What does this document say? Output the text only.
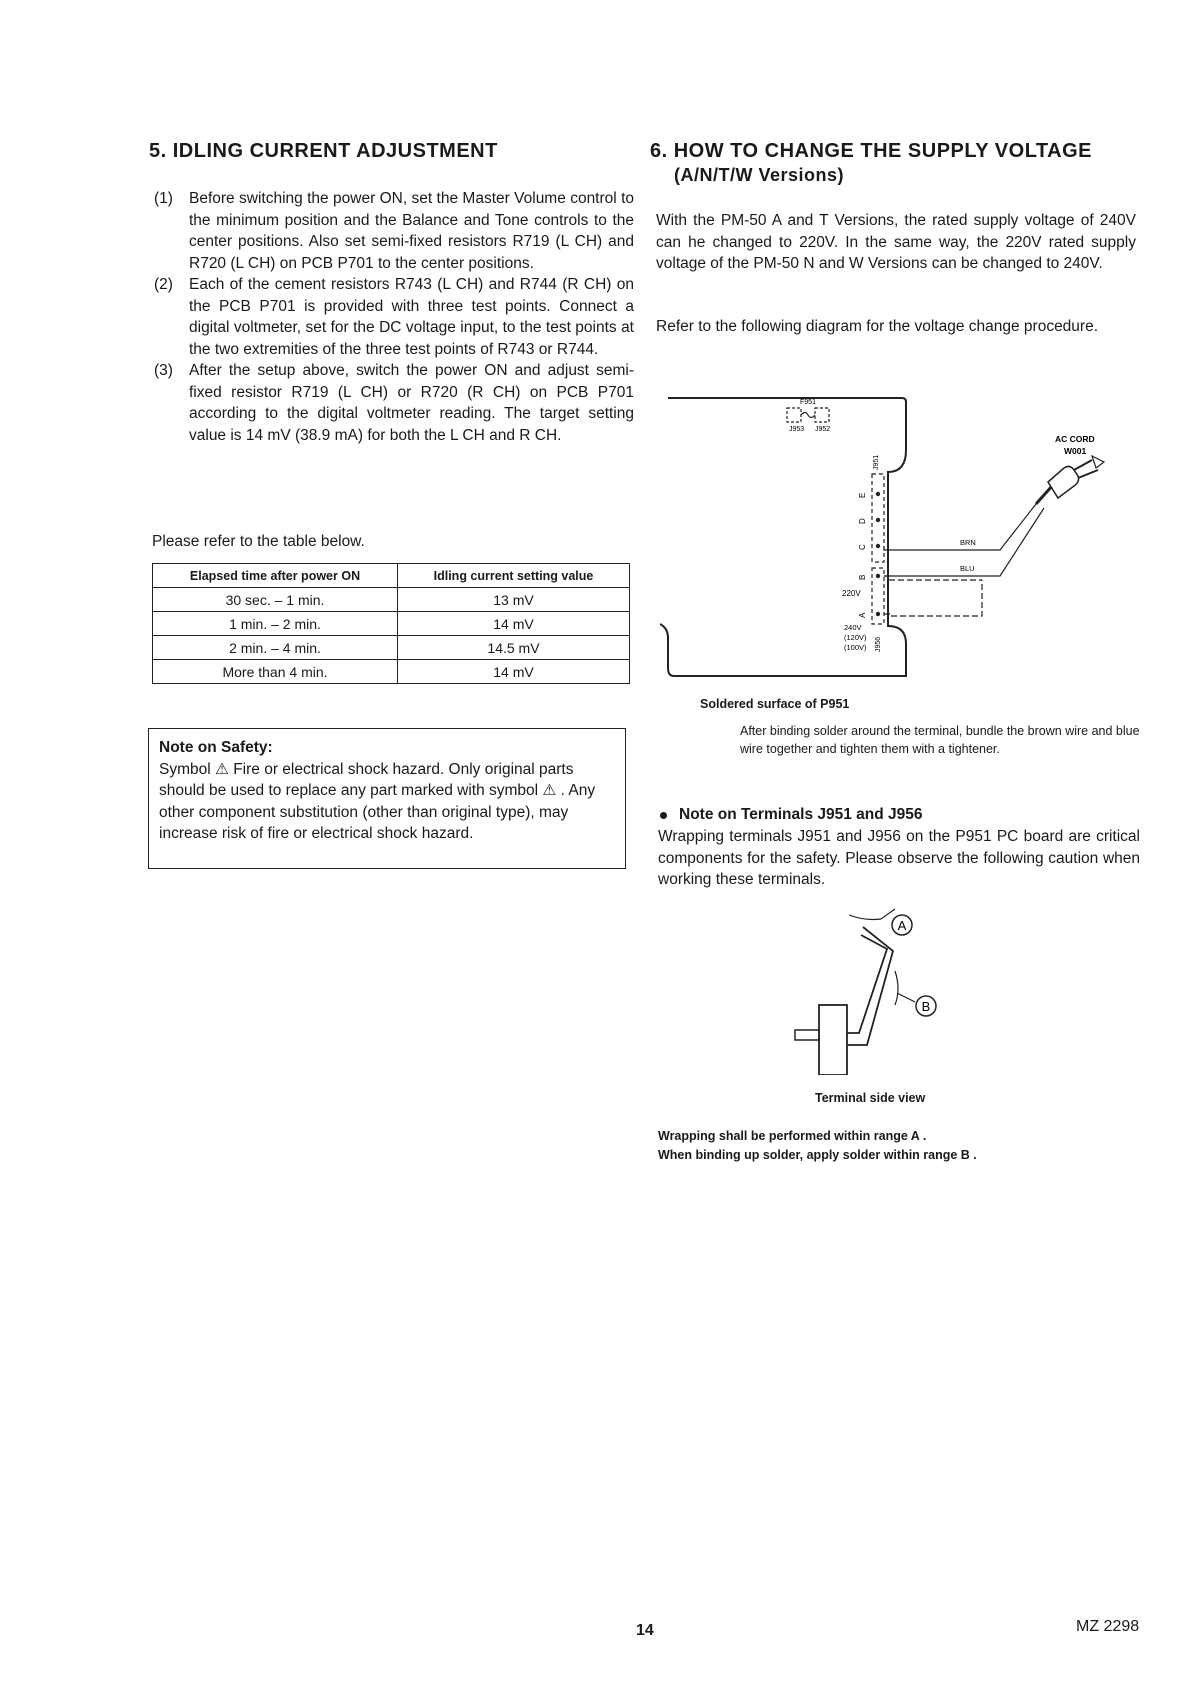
5. IDLING CURRENT ADJUSTMENT
(1)	Before switching the power ON, set the Master Volume control to the minimum position and the Balance and Tone controls to the center positions. Also set semi-fixed resistors R719 (L CH) and R720 (L CH) on PCB P701 to the center positions.
(2)	Each of the cement resistors R743 (L CH) and R744 (R CH) on the PCB P701 is provided with three test points. Connect a digital voltmeter, set for the DC voltage input, to the test points at the two extremities of the three test points of R743 or R744.
(3)	After the setup above, switch the power ON and adjust semi-fixed resistor R719 (L CH) or R720 (R CH) on PCB P701 according to the digital voltmeter reading. The target setting value is 14 mV (38.9 mA) for both the L CH and R CH.

Please refer to the table below.

Elapsed time after power ON	Idling current setting value
30 sec. – 1 min.	13 mV
1 min. – 2 min.	14 mV
2 min. – 4 min.	14.5 mV
More than 4 min.	14 mV
Note on Safety:
Symbol ⚠ Fire or electrical shock hazard. Only original parts should be used to replace any part marked with symbol ⚠ . Any other component substitution (other than original type), may increase risk of fire or electrical shock hazard.
6. HOW TO CHANGE THE SUPPLY VOLTAGE
(A/N/T/W Versions)

With the PM-50 A and T Versions, the rated supply voltage of 240V can he changed to 220V. In the same way, the 220V rated supply voltage of the PM-50 N and W Versions can be changed to 240V.

Refer to the following diagram for the voltage change procedure.

F951
J953 J952
J951
E
D
C
B
A
220V
240V
(120V)
(100V) J956
BRN
BLU
AC CORD
W001
Soldered surface of P951
After binding solder around the terminal, bundle the brown wire and blue wire together and tighten them with a tightener.
Note on Terminals J951 and J956

Wrapping terminals J951 and J956 on the P951 PC board are critical components for the safety. Please observe the following caution when working these terminals.

A
B
Terminal side view
Wrapping shall be performed within range A .
When binding up solder, apply solder within range B .
14	MZ 2298
